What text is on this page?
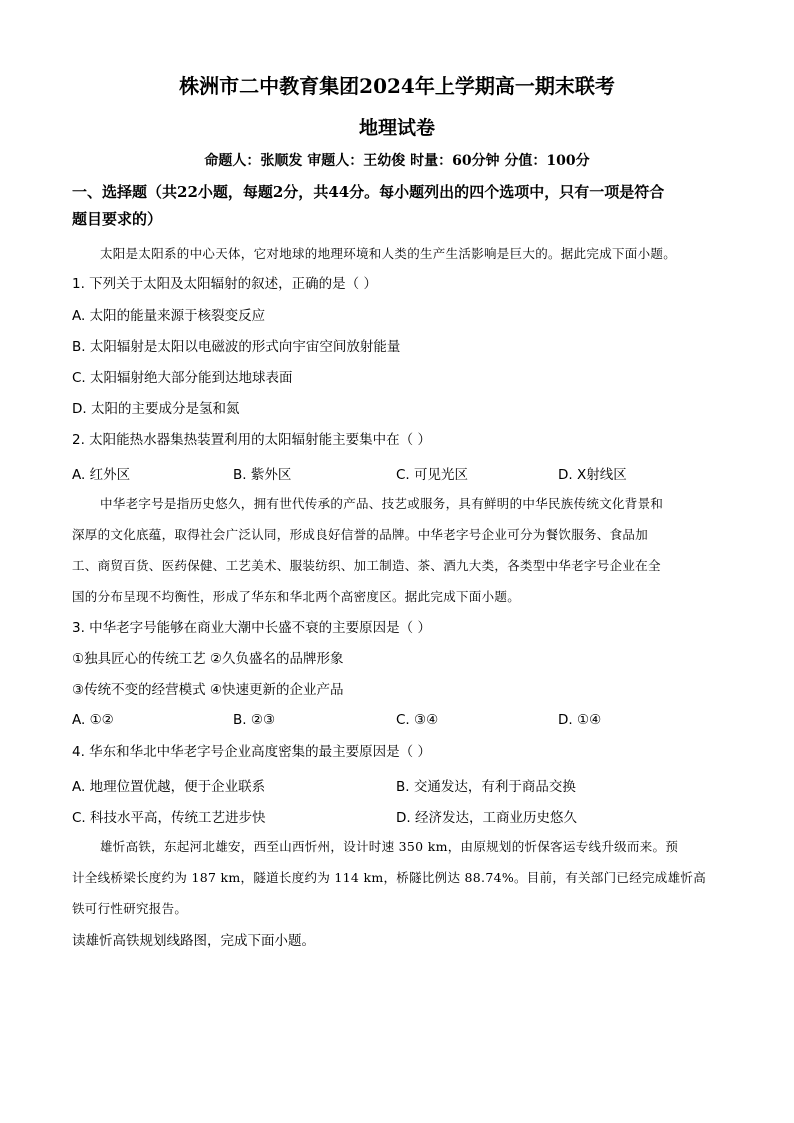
株洲市二中教育集团2024年上学期高一期末联考
地理试卷
命题人：张顺发 审题人：王幼俊 时量：60分钟 分值：100分
一、选择题（共22小题，每题2分，共44分。每小题列出的四个选项中，只有一项是符合
题目要求的）
太阳是太阳系的中心天体，它对地球的地理环境和人类的生产生活影响是巨大的。据此完成下面小题。
1. 下列关于太阳及太阳辐射的叙述，正确的是（ ）
A. 太阳的能量来源于核裂变反应
B. 太阳辐射是太阳以电磁波的形式向宇宙空间放射能量
C. 太阳辐射绝大部分能到达地球表面
D. 太阳的主要成分是氢和氮
2. 太阳能热水器集热装置利用的太阳辐射能主要集中在（ ）
A. 红外区	B. 紫外区	C. 可见光区	D. X射线区
中华老字号是指历史悠久，拥有世代传承的产品、技艺或服务，具有鲜明的中华民族传统文化背景和
深厚的文化底蕴，取得社会广泛认同，形成良好信誉的品牌。中华老字号企业可分为餐饮服务、食品加
工、商贸百货、医药保健、工艺美术、服装纺织、加工制造、茶、酒九大类，各类型中华老字号企业在全
国的分布呈现不均衡性，形成了华东和华北两个高密度区。据此完成下面小题。
3. 中华老字号能够在商业大潮中长盛不衰的主要原因是（ ）
①独具匠心的传统工艺 ②久负盛名的品牌形象
③传统不变的经营模式 ④快速更新的企业产品
A. ①②	B. ②③	C. ③④	D. ①④
4. 华东和华北中华老字号企业高度密集的最主要原因是（ ）
A. 地理位置优越，便于企业联系	B. 交通发达，有利于商品交换
C. 科技水平高，传统工艺进步快	D. 经济发达，工商业历史悠久
雄忻高铁，东起河北雄安，西至山西忻州，设计时速 350 km，由原规划的忻保客运专线升级而来。预
计全线桥梁长度约为 187 km，隧道长度约为 114 km，桥隧比例达 88.74%。目前，有关部门已经完成雄忻高
铁可行性研究报告。
读雄忻高铁规划线路图，完成下面小题。
